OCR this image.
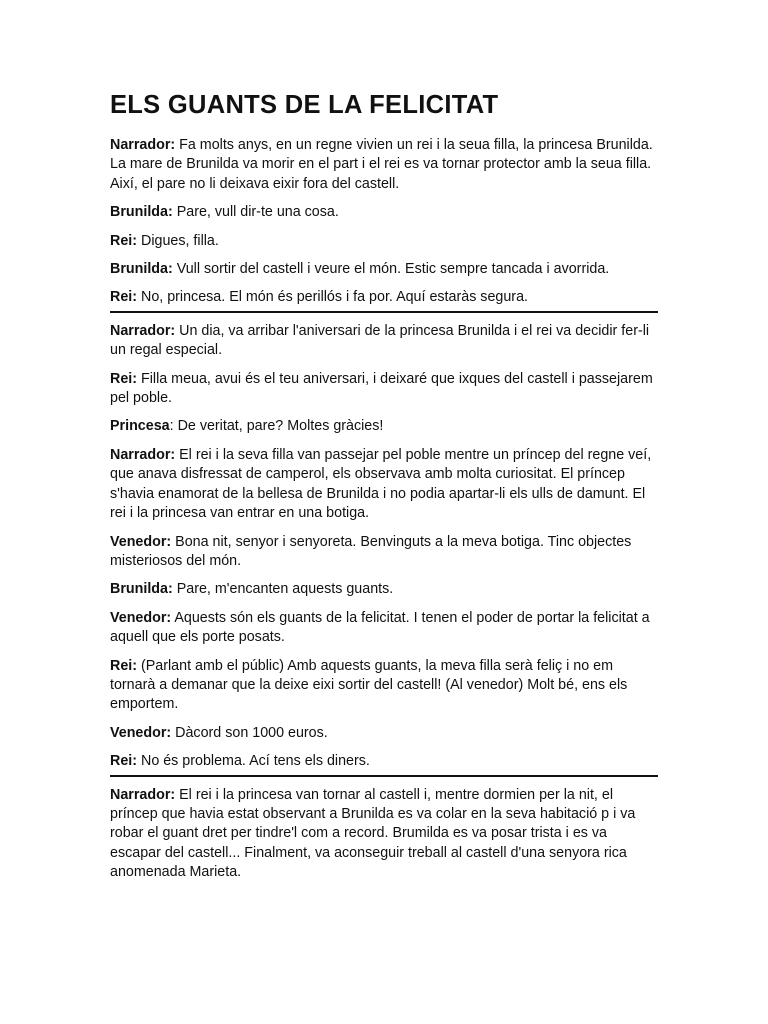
ELS GUANTS DE LA FELICITAT

Narrador: Fa molts anys, en un regne vivien un rei i la seua filla, la princesa Brunilda. La mare de Brunilda va morir en el part i el rei es va tornar protector amb la seua filla. Així, el pare no li deixava eixir fora del castell.

Brunilda: Pare, vull dir-te una cosa.

Rei: Digues, filla.

Brunilda: Vull sortir del castell i veure el món. Estic sempre tancada i avorrida.

Rei: No, princesa. El món és perillós i fa por. Aquí estaràs segura.

Narrador: Un dia, va arribar l'aniversari de la princesa Brunilda i el rei va decidir fer-li un regal especial.

Rei: Filla meua, avui és el teu aniversari, i deixaré que ixques del castell i passejarem pel poble.

Princesa: De veritat, pare? Moltes gràcies!

Narrador: El rei i la seva filla van passejar pel poble mentre un príncep del regne veí, que anava disfressat de camperol, els observava amb molta curiositat. El príncep s'havia enamorat de la bellesa de Brunilda i no podia apartar-li els ulls de damunt. El rei i la princesa van entrar en una botiga.

Venedor: Bona nit, senyor i senyoreta. Benvinguts a la meva botiga. Tinc objectes misteriosos del món.

Brunilda: Pare, m'encanten aquests guants.

Venedor: Aquests són els guants de la felicitat. I tenen el poder de portar la felicitat a aquell que els porte posats.

Rei: (Parlant amb el públic) Amb aquests guants, la meva filla serà feliç i no em tornarà a demanar que la deixe eixi sortir del castell! (Al venedor) Molt bé, ens els emportem.

Venedor: Dàcord son 1000 euros.

Rei: No és problema. Ací tens els diners.

Narrador: El rei i la princesa van tornar al castell i, mentre dormien per la nit, el príncep que havia estat observant a Brunilda es va colar en la seva habitació p i va robar el guant dret per tindre'l com a record. Brumilda es va posar trista i es va escapar del castell... Finalment, va aconseguir treball al castell d'una senyora rica anomenada Marieta.
